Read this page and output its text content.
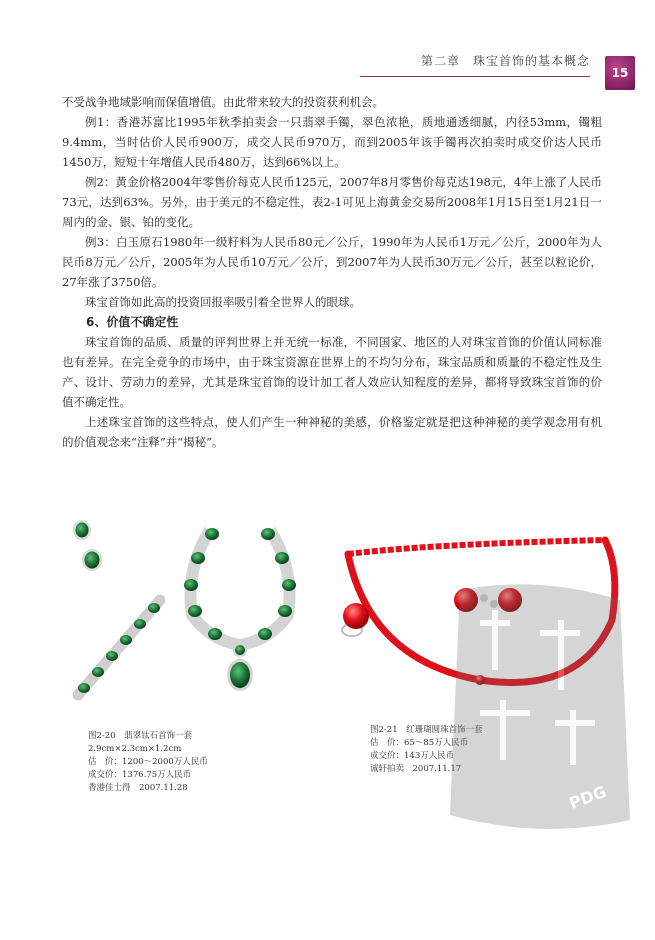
第二章　珠宝首饰的基本概念
15

不受战争地域影响而保值增值。由此带来较大的投资获利机会。

例1：香港苏富比1995年秋季拍卖会一只翡翠手镯，翠色浓艳，质地通透细腻，内径53mm，镯粗9.4mm，当时估价人民币900万，成交人民币970万，而到2005年该手镯再次拍卖时成交价达人民币1450万，短短十年增值人民币480万，达到66%以上。

例2：黄金价格2004年零售价每克人民币125元，2007年8月零售价每克达198元，4年上涨了人民币73元，达到63%。另外，由于美元的不稳定性，表2-1可见上海黄金交易所2008年1月15日至1月21日一周内的金、银、铂的变化。

例3：白玉原石1980年一级籽料为人民币80元／公斤，1990年为人民币1万元／公斤，2000年为人民币8万元／公斤，2005年为人民币10万元／公斤，到2007年为人民币30万元／公斤，甚至以粒论价，27年涨了3750倍。

珠宝首饰如此高的投资回报率吸引着全世界人的眼球。

6、价值不确定性

珠宝首饰的品质、质量的评判世界上并无统一标准，不同国家、地区的人对珠宝首饰的价值认同标准也有差异。在完全竞争的市场中，由于珠宝资源在世界上的不均匀分布，珠宝品质和质量的不稳定性及生产、设计、劳动力的差异，尤其是珠宝首饰的设计加工者人效应认知程度的差异，都将导致珠宝首饰的价值不确定性。

上述珠宝首饰的这些特点，使人们产生一种神秘的美感，价格鉴定就是把这种神秘的美学观念用有机的价值观念来“注释”并“揭秘”。

图2-20　翡翠钛石首饰一套
2.9cm×2.3cm×1.2cm
估　价：1200～2000万人民币
成交价：1376.75万人民币
香港佳士得　2007.11.28
图2-21　红珊瑚圆珠首饰一套
估　价：65～85万人民币
成交价：143万人民币
诚轩拍卖　2007.11.17
PDG
